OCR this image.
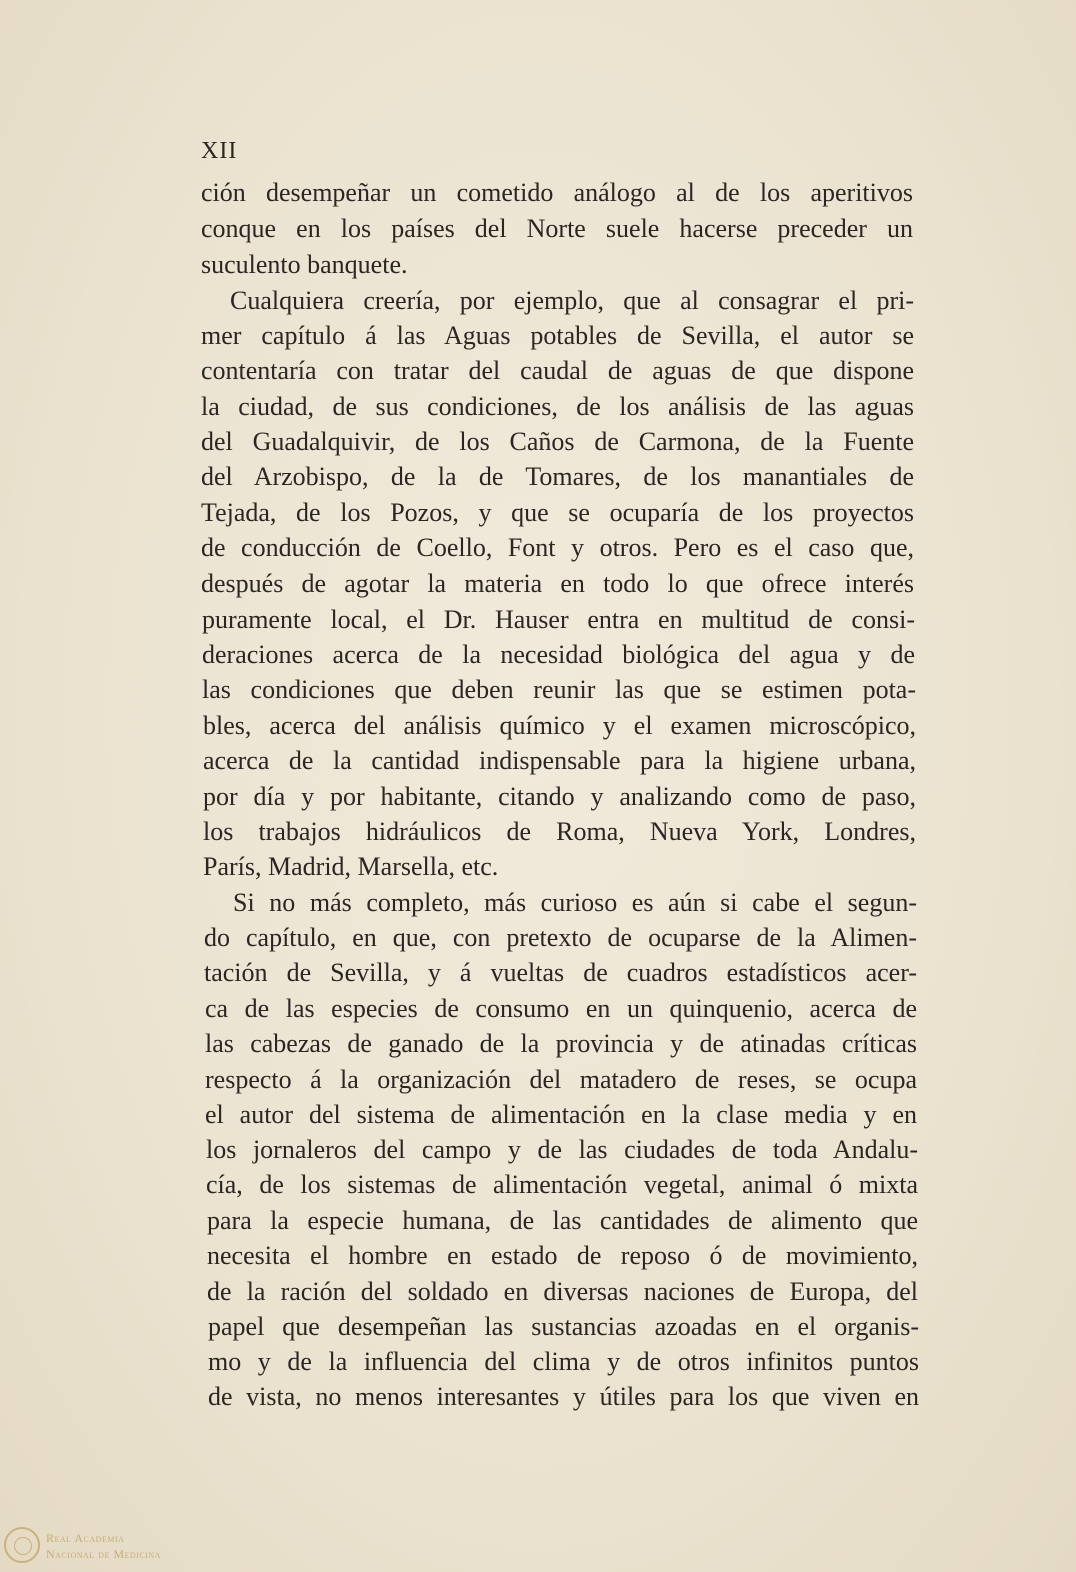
XII
ción desempeñar un cometido análogo al de los aperitivos
conque en los países del Norte suele hacerse preceder un
suculento banquete.
Cualquiera creería, por ejemplo, que al consagrar el pri-
mer capítulo á las Aguas potables de Sevilla, el autor se
contentaría con tratar del caudal de aguas de que dispone
la ciudad, de sus condiciones, de los análisis de las aguas
del Guadalquivir, de los Caños de Carmona, de la Fuente
del Arzobispo, de la de Tomares, de los manantiales de
Tejada, de los Pozos, y que se ocuparía de los proyectos
de conducción de Coello, Font y otros. Pero es el caso que,
después de agotar la materia en todo lo que ofrece interés
puramente local, el Dr. Hauser entra en multitud de consi-
deraciones acerca de la necesidad biológica del agua y de
las condiciones que deben reunir las que se estimen pota-
bles, acerca del análisis químico y el examen microscópico,
acerca de la cantidad indispensable para la higiene urbana,
por día y por habitante, citando y analizando como de paso,
los trabajos hidráulicos de Roma, Nueva York, Londres,
París, Madrid, Marsella, etc.
Si no más completo, más curioso es aún si cabe el segun-
do capítulo, en que, con pretexto de ocuparse de la Alimen-
tación de Sevilla, y á vueltas de cuadros estadísticos acer-
ca de las especies de consumo en un quinquenio, acerca de
las cabezas de ganado de la provincia y de atinadas críticas
respecto á la organización del matadero de reses, se ocupa
el autor del sistema de alimentación en la clase media y en
los jornaleros del campo y de las ciudades de toda Andalu-
cía, de los sistemas de alimentación vegetal, animal ó mixta
para la especie humana, de las cantidades de alimento que
necesita el hombre en estado de reposo ó de movimiento,
de la ración del soldado en diversas naciones de Europa, del
papel que desempeñan las sustancias azoadas en el organis-
mo y de la influencia del clima y de otros infinitos puntos
de vista, no menos interesantes y útiles para los que viven en
Real Academia
Nacional de Medicina
